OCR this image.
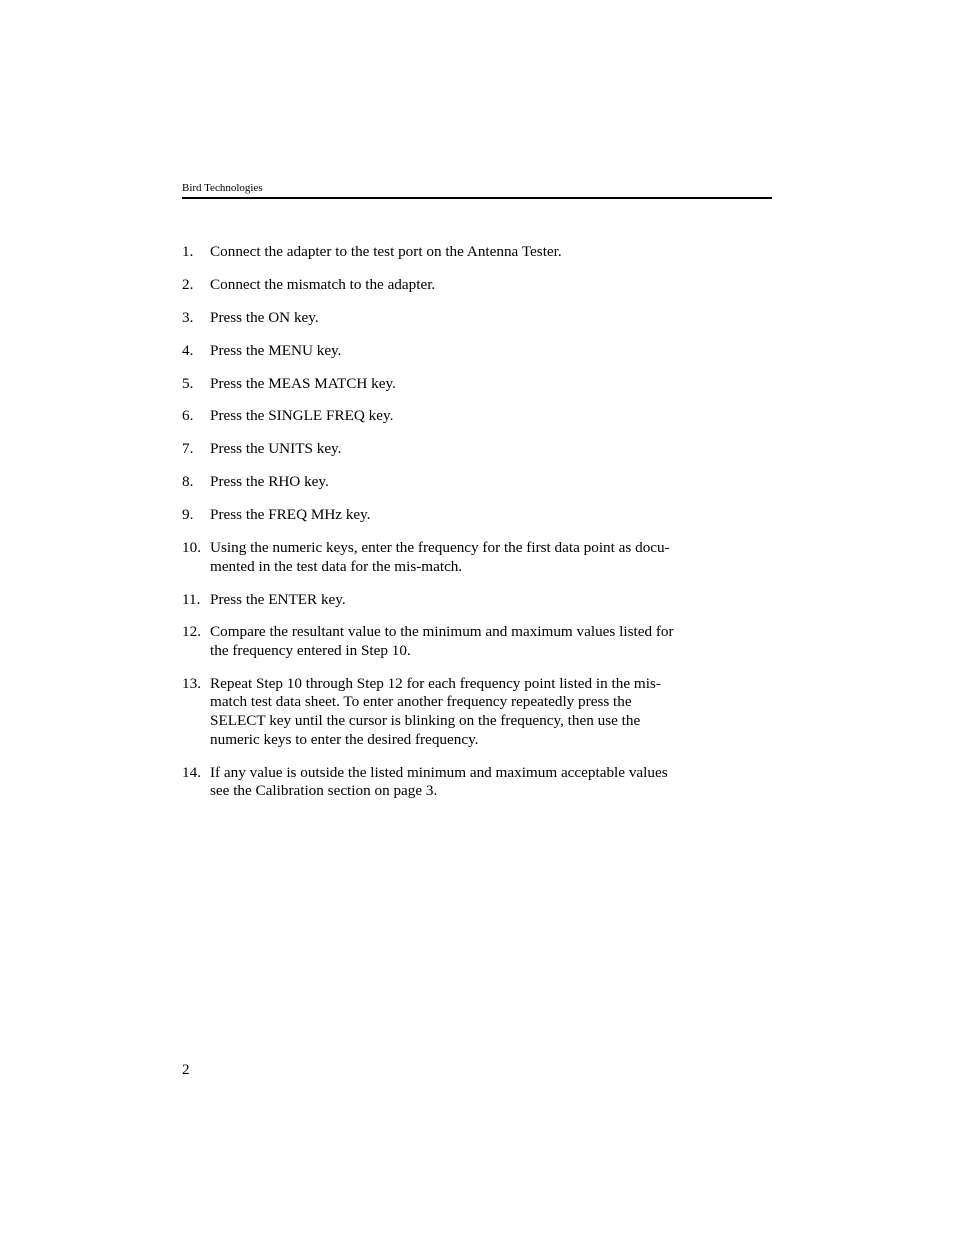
Bird Technologies
1. Connect the adapter to the test port on the Antenna Tester.
2. Connect the mismatch to the adapter.
3. Press the ON key.
4. Press the MENU key.
5. Press the MEAS MATCH key.
6. Press the SINGLE FREQ key.
7. Press the UNITS key.
8. Press the RHO key.
9. Press the FREQ MHz key.
10. Using the numeric keys, enter the frequency for the first data point as docu-
mented in the test data for the mis-match.
11. Press the ENTER key.
12. Compare the resultant value to the minimum and maximum values listed for
the frequency entered in Step 10.
13. Repeat Step 10 through Step 12 for each frequency point listed in the mis-
match test data sheet. To enter another frequency repeatedly press the
SELECT key until the cursor is blinking on the frequency, then use the
numeric keys to enter the desired frequency.
14. If any value is outside the listed minimum and maximum acceptable values
see the Calibration section on page 3.
2
